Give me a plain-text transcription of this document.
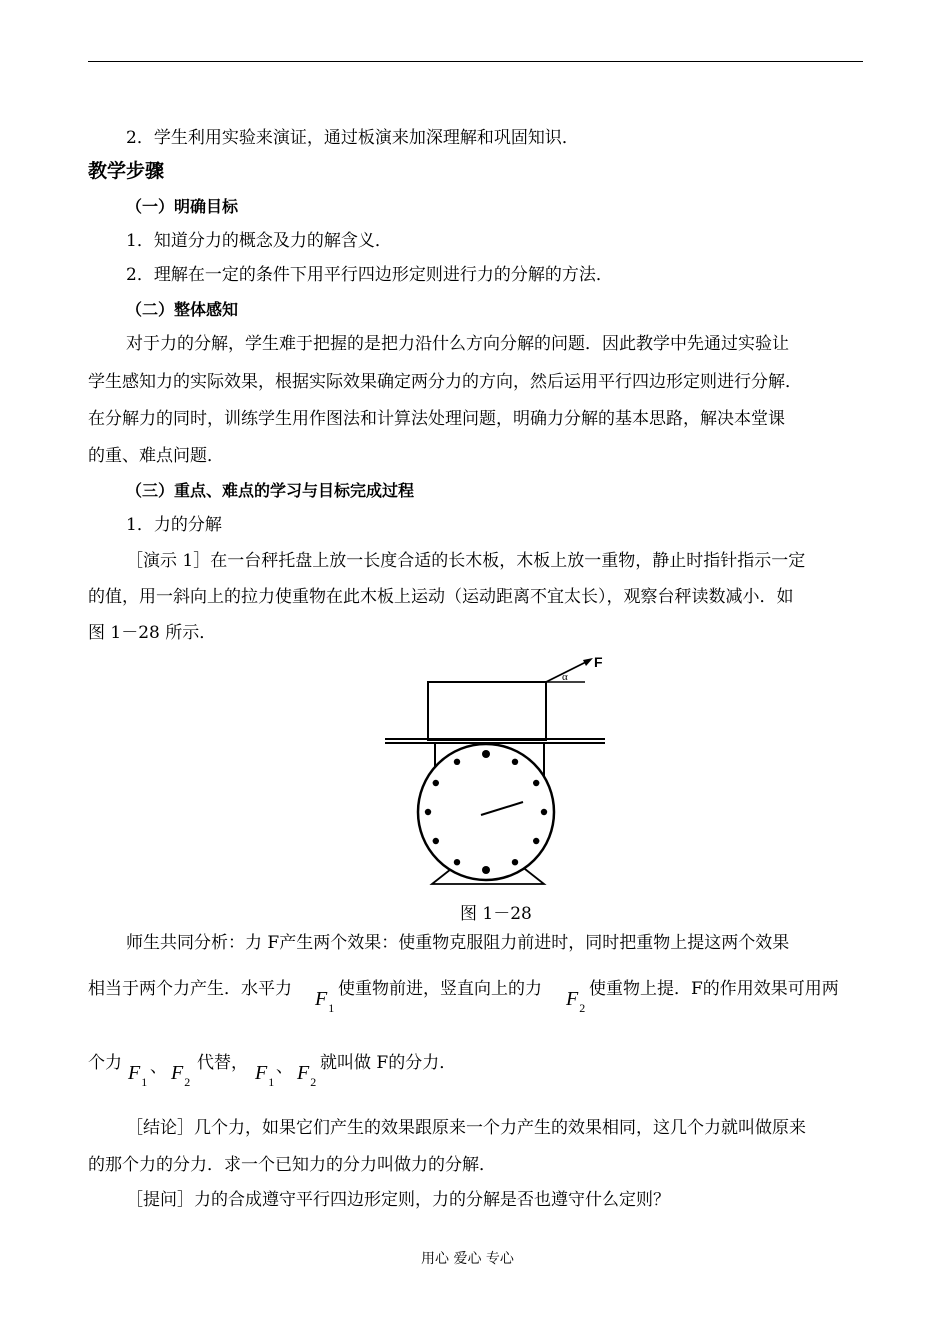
2．学生利用实验来演证，通过板演来加深理解和巩固知识．
教学步骤
（一）明确目标
1．知道分力的概念及力的解含义．
2．理解在一定的条件下用平行四边形定则进行力的分解的方法．
（二）整体感知
对于力的分解，学生难于把握的是把力沿什么方向分解的问题．因此教学中先通过实验让
学生感知力的实际效果，根据实际效果确定两分力的方向，然后运用平行四边形定则进行分解．
在分解力的同时，训练学生用作图法和计算法处理问题，明确力分解的基本思路，解决本堂课
的重、难点问题．
（三）重点、难点的学习与目标完成过程
1．力的分解
［演示 1］在一台秤托盘上放一长度合适的长木板，木板上放一重物，静止时指针指示一定
的值，用一斜向上的拉力使重物在此木板上运动（运动距离不宜太长），观察台秤读数减小．如
图 1－28 所示．
F
α
图 1－28
师生共同分析：力 F产生两个效果：使重物克服阻力前进时，同时把重物上提这两个效果
相当于两个力产生．水平力 $F_1$
使重物前进，竖直向上的力 $F_2$
使重物上提．F的作用效果可用两
个力 $F_1$
、 $F_2$
代替， $F_1$
、 $F_2$
就叫做 F的分力．
［结论］几个力，如果它们产生的效果跟原来一个力产生的效果相同，这几个力就叫做原来
的那个力的分力．求一个已知力的分力叫做力的分解．
［提问］力的合成遵守平行四边形定则，力的分解是否也遵守什么定则？
用心 爱心 专心
